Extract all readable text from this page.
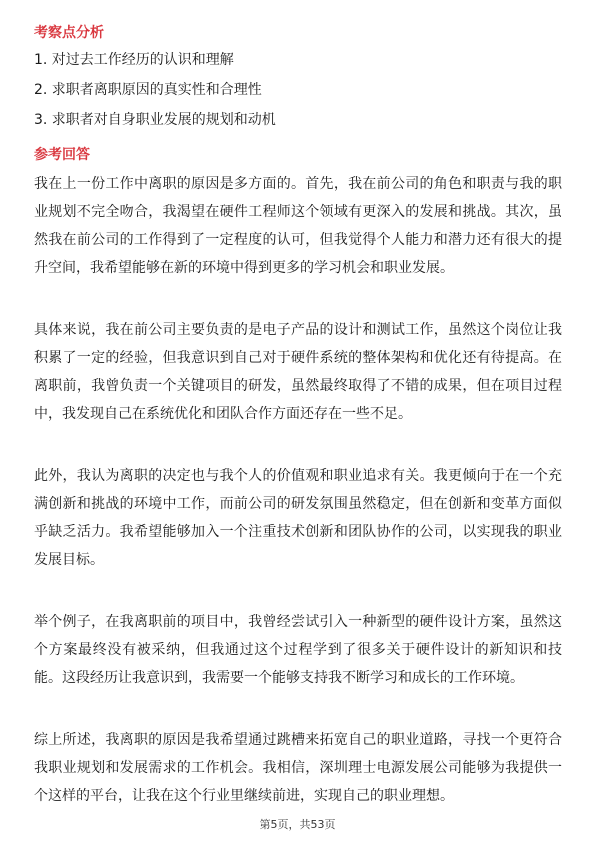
考察点分析
1. 对过去工作经历的认识和理解
2. 求职者离职原因的真实性和合理性
3. 求职者对自身职业发展的规划和动机
参考回答

我在上一份工作中离职的原因是多方面的。首先，我在前公司的角色和职责与我的职业规划不完全吻合，我渴望在硬件工程师这个领域有更深入的发展和挑战。其次，虽然我在前公司的工作得到了一定程度的认可，但我觉得个人能力和潜力还有很大的提升空间，我希望能够在新的环境中得到更多的学习机会和职业发展。

具体来说，我在前公司主要负责的是电子产品的设计和测试工作，虽然这个岗位让我积累了一定的经验，但我意识到自己对于硬件系统的整体架构和优化还有待提高。在离职前，我曾负责一个关键项目的研发，虽然最终取得了不错的成果，但在项目过程中，我发现自己在系统优化和团队合作方面还存在一些不足。

此外，我认为离职的决定也与我个人的价值观和职业追求有关。我更倾向于在一个充满创新和挑战的环境中工作，而前公司的研发氛围虽然稳定，但在创新和变革方面似乎缺乏活力。我希望能够加入一个注重技术创新和团队协作的公司，以实现我的职业发展目标。

举个例子，在我离职前的项目中，我曾经尝试引入一种新型的硬件设计方案，虽然这个方案最终没有被采纳，但我通过这个过程学到了很多关于硬件设计的新知识和技能。这段经历让我意识到，我需要一个能够支持我不断学习和成长的工作环境。

综上所述，我离职的原因是我希望通过跳槽来拓宽自己的职业道路，寻找一个更符合我职业规划和发展需求的工作机会。我相信，深圳理士电源发展公司能够为我提供一个这样的平台，让我在这个行业里继续前进，实现自己的职业理想。

第5页，共53页
